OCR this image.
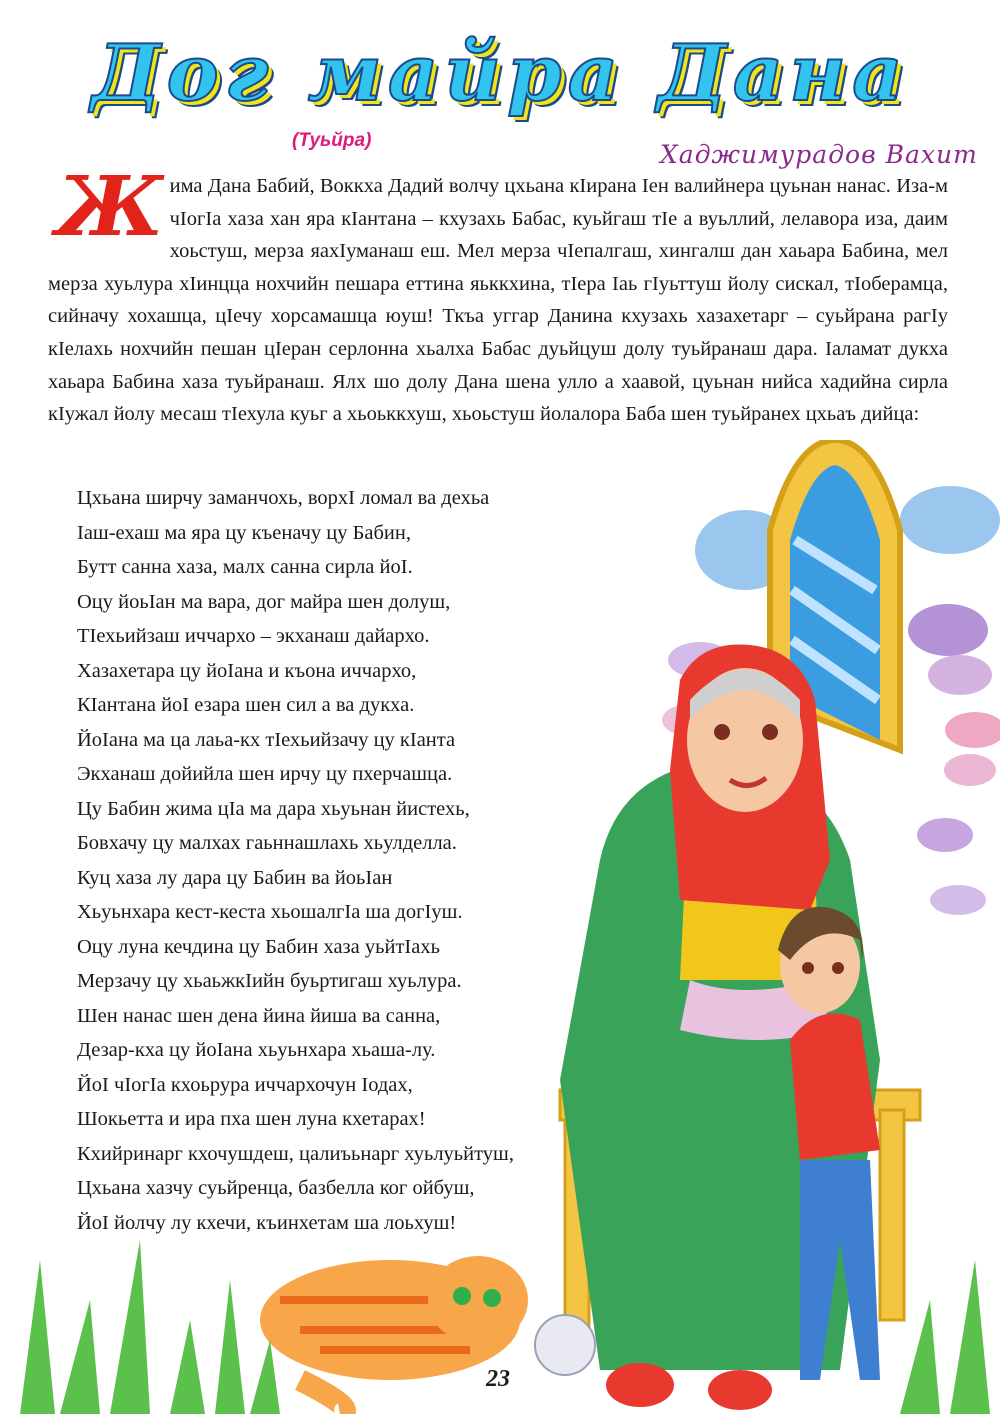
Дог майра Дана
(Туьйра)	Хаджимурадов Вахит
Жима Дана Бабий, Воккха Дадий волчу цхьана кIирана Iен валийнера цуьнан нанас. Иза-м чIогIа хаза хан яра кIантана – кхузахь Бабас, куьйгаш тIе а вуьллий, лелавора иза, даим хоьстуш, мерза яахIуманаш еш. Мел мерза чIепалгаш, хингалш дан хаьара Бабина, мел мерза хуьлура хIинцца нохчийн пешара еттина яьккхина, тIера Iаь гIуьттуш йолу сискал, тIоберамца, сийначу хохашца, цIечу хорсамашца юуш! Ткъа уггар Данина кхузахь хазахетарг – суьйрана рагIу кIелахь нохчийн пешан цIеран серлонна хьалха Бабас дуьйцуш долу туьйранаш дара. Iаламат дукха хаьара Бабина хаза туьйранаш. Ялх шо долу Дана шена улло а хаавой, цуьнан нийса хадийна сирла кIужал йолу месаш тIехула куьг а хьоьккхуш, хьоьстуш йолалора Баба шен туьйранех цхьаъ дийца:
Цхьана ширчу заманчохь, ворхI ломал ва дехьа
Iаш-ехаш ма яра цу къеначу цу Бабин,
Бутт санна хаза, малх санна сирла йоI.
Оцу йоьIан ма вара, дог майра шен долуш,
ТIехьийзаш иччархо – экханаш дайархо.
Хазахетара цу йоIана и къона иччархо,
КIантана йоI езара шен сил а ва дукха.
ЙоIана ма ца лаьа-кх тIехьийзачу цу кIанта
Экханаш дойийла шен ирчу цу пхерчашца.
Цу Бабин жима цIа ма дара хьуьнан йистехь,
Бовхачу цу малхах гаьннашлахь хьулделла.
Куц хаза лу дара цу Бабин ва йоьIан
Хьуьнхара кест-кеста хьошалгIа ша догIуш.
Оцу луна кечдина цу Бабин хаза уьйтIахь
Мерзачу цу хьаьжкIийн буьртигаш хуьлура.
Шен нанас шен дена йина йиша ва санна,
Дезар-кха цу йоIана хьуьнхара хьаша-лу.
ЙоI чIогIа кхоьрура иччархочун Iодах,
Шокьетта и ира пха шен луна кхетарах!
Кхийринарг кхочушдеш, цалиъьнарг хуьлуьйтуш,
Цхьана хазчу суьйренца, базбелла ког ойбуш,
ЙоI йолчу лу кхечи, къинхетам ша лоьхуш!
23
